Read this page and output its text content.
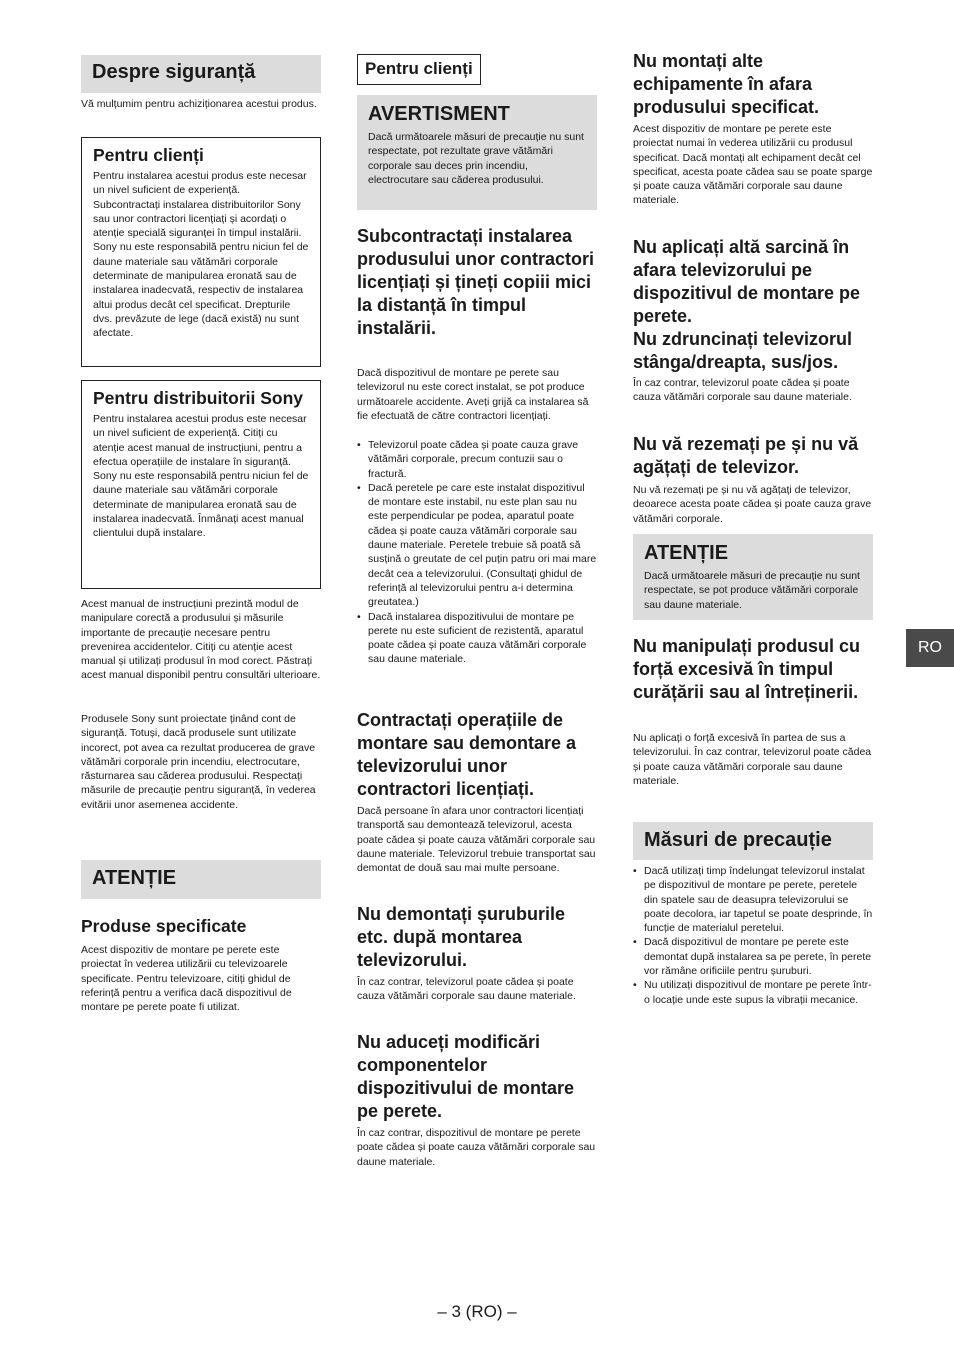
Despre siguranță

Vă mulțumim pentru achiziționarea acestui produs.

Pentru clienți

Pentru instalarea acestui produs este necesar un nivel suficient de experiență. Subcontractați instalarea distribuitorilor Sony sau unor contractori licențiați și acordați o atenție specială siguranței în timpul instalării. Sony nu este responsabilă pentru niciun fel de daune materiale sau vătămări corporale determinate de manipularea eronată sau de instalarea inadecvată, respectiv de instalarea altui produs decât cel specificat. Drepturile dvs. prevăzute de lege (dacă există) nu sunt afectate.

Pentru distribuitorii Sony

Pentru instalarea acestui produs este necesar un nivel suficient de experiență. Citiți cu atenție acest manual de instrucțiuni, pentru a efectua operațiile de instalare în siguranță. Sony nu este responsabilă pentru niciun fel de daune materiale sau vătămări corporale determinate de manipularea eronată sau de instalarea inadecvată. Înmânați acest manual clientului după instalare.

Acest manual de instrucțiuni prezintă modul de manipulare corectă a produsului și măsurile importante de precauție necesare pentru prevenirea accidentelor. Citiți cu atenție acest manual și utilizați produsul în mod corect. Păstrați acest manual disponibil pentru consultări ulterioare.

Produsele Sony sunt proiectate ținând cont de siguranță. Totuși, dacă produsele sunt utilizate incorect, pot avea ca rezultat producerea de grave vătămări corporale prin incendiu, electrocutare, răsturnarea sau căderea produsului. Respectați măsurile de precauție pentru siguranță, în vederea evitării unor asemenea accidente.

ATENȚIE

Produse specificate

Acest dispozitiv de montare pe perete este proiectat în vederea utilizării cu televizoarele specificate. Pentru televizoare, citiți ghidul de referință pentru a verifica dacă dispozitivul de montare pe perete poate fi utilizat.

Pentru clienți
AVERTISMENT

Dacă următoarele măsuri de precauție nu sunt respectate, pot rezultate grave vătămări corporale sau deces prin incendiu, electrocutare sau căderea produsului.

Subcontractați instalarea produsului unor contractori licențiați și țineți copiii mici la distanță în timpul instalării.

Dacă dispozitivul de montare pe perete sau televizorul nu este corect instalat, se pot produce următoarele accidente. Aveți grijă ca instalarea să fie efectuată de către contractori licențiați.

• Televizorul poate cădea și poate cauza grave vătămări corporale, precum contuzii sau o fractură.
• Dacă peretele pe care este instalat dispozitivul de montare este instabil, nu este plan sau nu este perpendicular pe podea, aparatul poate cădea și poate cauza vătămări corporale sau daune materiale. Peretele trebuie să poată să susțină o greutate de cel puțin patru ori mai mare decât cea a televizorului. (Consultați ghidul de referință al televizorului pentru a-i determina greutatea.)
• Dacă instalarea dispozitivului de montare pe perete nu este suficient de rezistentă, aparatul poate cădea și poate cauza vătămări corporale sau daune materiale.

Contractați operațiile de montare sau demontare a televizorului unor contractori licențiați.

Dacă persoane în afara unor contractori licențiați transportă sau demontează televizorul, acesta poate cădea și poate cauza vătămări corporale sau daune materiale. Televizorul trebuie transportat sau demontat de două sau mai multe persoane.

Nu demontați șuruburile etc. după montarea televizorului.

În caz contrar, televizorul poate cădea și poate cauza vătămări corporale sau daune materiale.

Nu aduceți modificări componentelor dispozitivului de montare pe perete.

În caz contrar, dispozitivul de montare pe perete poate cădea și poate cauza vătămări corporale sau daune materiale.

Nu montați alte echipamente în afara produsului specificat.

Acest dispozitiv de montare pe perete este proiectat numai în vederea utilizării cu produsul specificat. Dacă montați alt echipament decât cel specificat, acesta poate cădea sau se poate sparge și poate cauza vătămări corporale sau daune materiale.

Nu aplicați altă sarcină în afara televizorului pe dispozitivul de montare pe perete.

Nu zdruncinați televizorul stânga/dreapta, sus/jos.

În caz contrar, televizorul poate cădea și poate cauza vătămări corporale sau daune materiale.

Nu vă rezemați pe și nu vă agățați de televizor.

Nu vă rezemați pe și nu vă agățați de televizor, deoarece acesta poate cădea și poate cauza grave vătămări corporale.

ATENȚIE

Dacă următoarele măsuri de precauție nu sunt respectate, se pot produce vătămări corporale sau daune materiale.

Nu manipulați produsul cu forță excesivă în timpul curățării sau al întreținerii.

Nu aplicați o forță excesivă în partea de sus a televizorului. În caz contrar, televizorul poate cădea și poate cauza vătămări corporale sau daune materiale.

Măsuri de precauție
• Dacă utilizați timp îndelungat televizorul instalat pe dispozitivul de montare pe perete, peretele din spatele sau de deasupra televizorului se poate decolora, iar tapetul se poate desprinde, în funcție de materialul peretelui.
• Dacă dispozitivul de montare pe perete este demontat după instalarea sa pe perete, în perete vor rămâne orificiile pentru șuruburi.
• Nu utilizați dispozitivul de montare pe perete într-o locație unde este supus la vibrații mecanice.
RO
– 3 (RO) –
